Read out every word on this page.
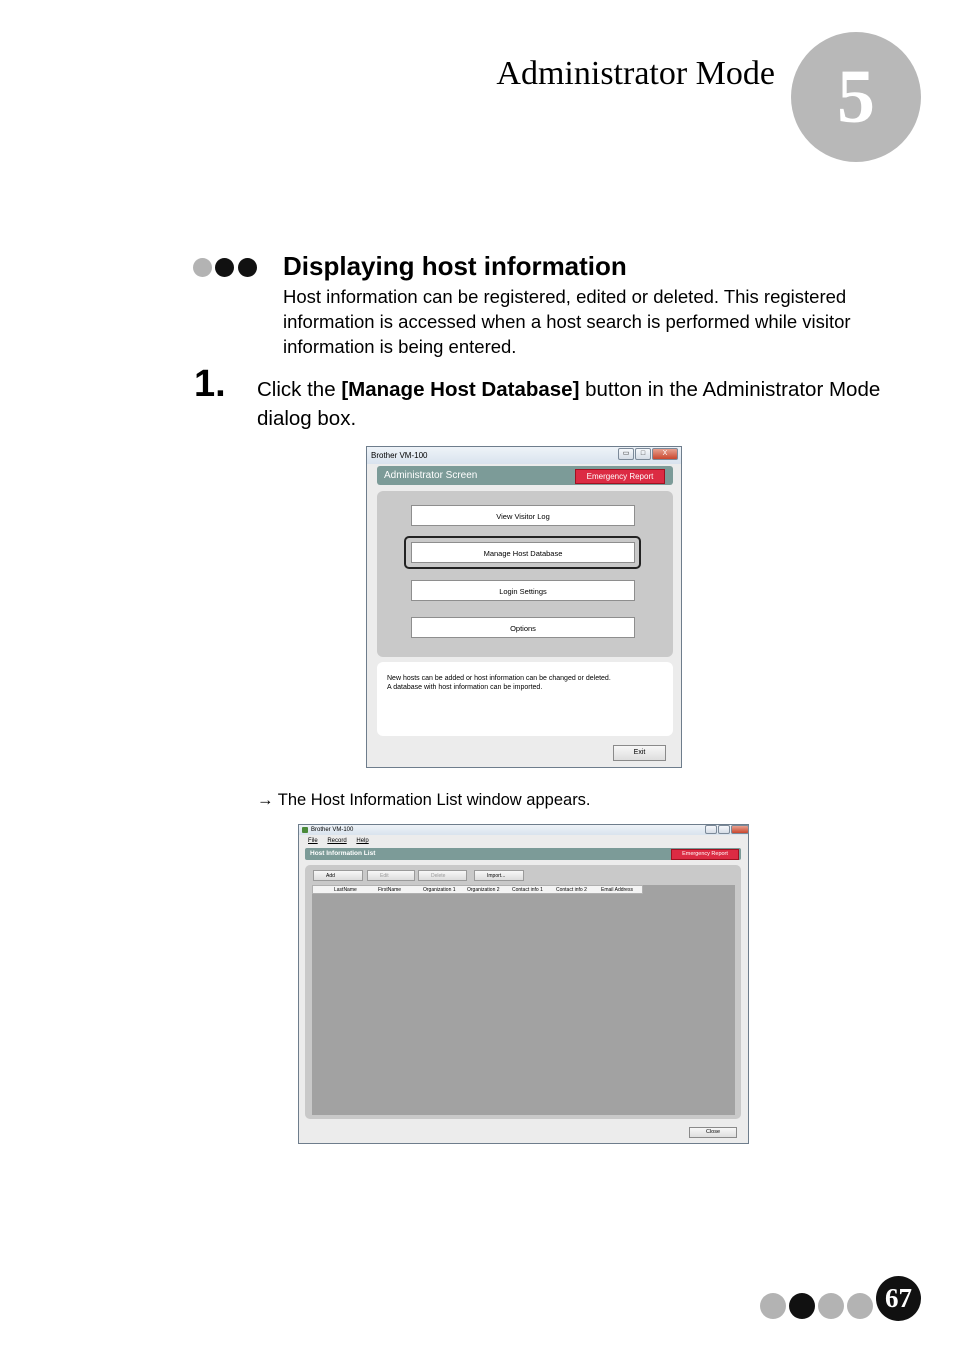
Administrator Mode 5
Displaying host information
Host information can be registered, edited or deleted. This registered information is accessed when a host search is performed while visitor information is being entered.
1. Click the [Manage Host Database] button in the Administrator Mode dialog box.
Brother VM-100	▭	□	X
Administrator Screen	Emergency Report
View Visitor Log
Manage Host Database
Login Settings
Options
New hosts can be added or host information can be changed or deleted.
A database with host information can be imported.
Exit
→ The Host Information List window appears.
Brother VM-100
File Record Help
Host Information List	Emergency Report
Add	Edit	Delete	Import...
LastName	FirstName	Organization 1 Organization 2 Contact info 1	Contact info 2	Email Address
Close
67
